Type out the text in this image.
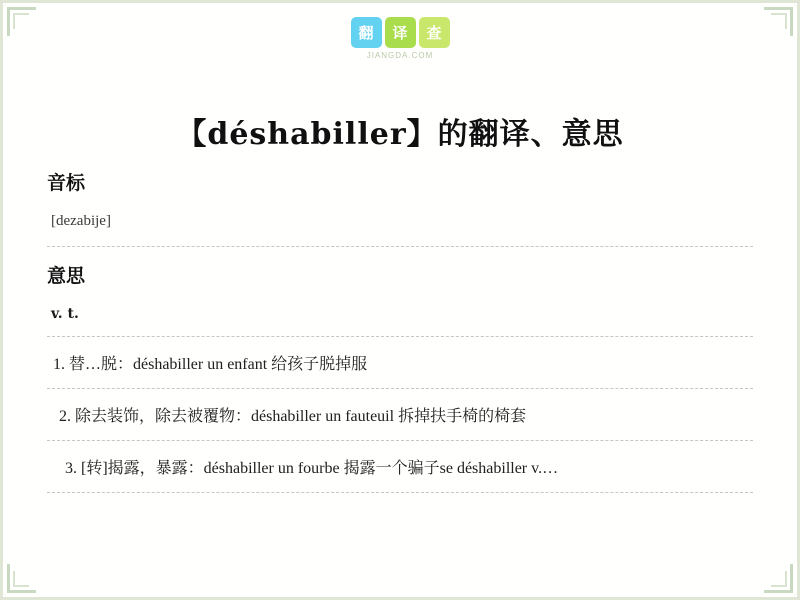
翻	译	查
JIANGDA.COM
【déshabiller】的翻译、意思
音标

[dezabije]

意思

v. t.

1. 替…脱：déshabiller un enfant 给孩子脱掉服

2. 除去装饰，除去被覆物：déshabiller un fauteuil 拆掉扶手椅的椅套

3. [转]揭露，暴露：déshabiller un fourbe 揭露一个骗子se déshabiller v.…
